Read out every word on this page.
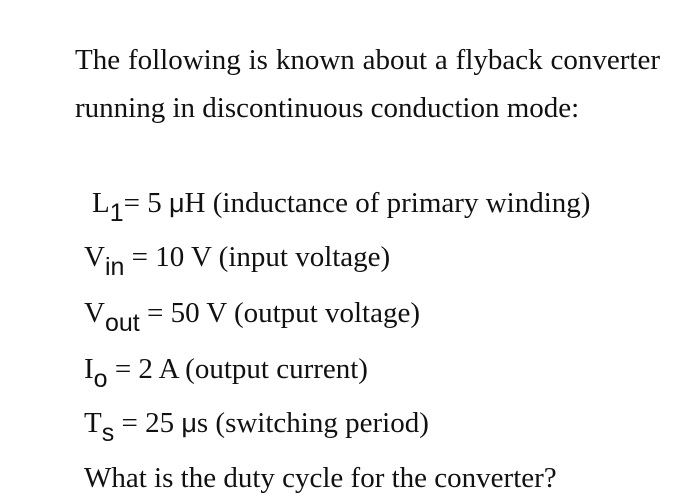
The following is known about a flyback converter running in discontinuous conduction mode:
L1= 5 μH (inductance of primary winding)
Vin = 10 V (input voltage)
Vout = 50 V (output voltage)
Io = 2 A (output current)
Ts = 25 μs (switching period)
What is the duty cycle for the converter?
